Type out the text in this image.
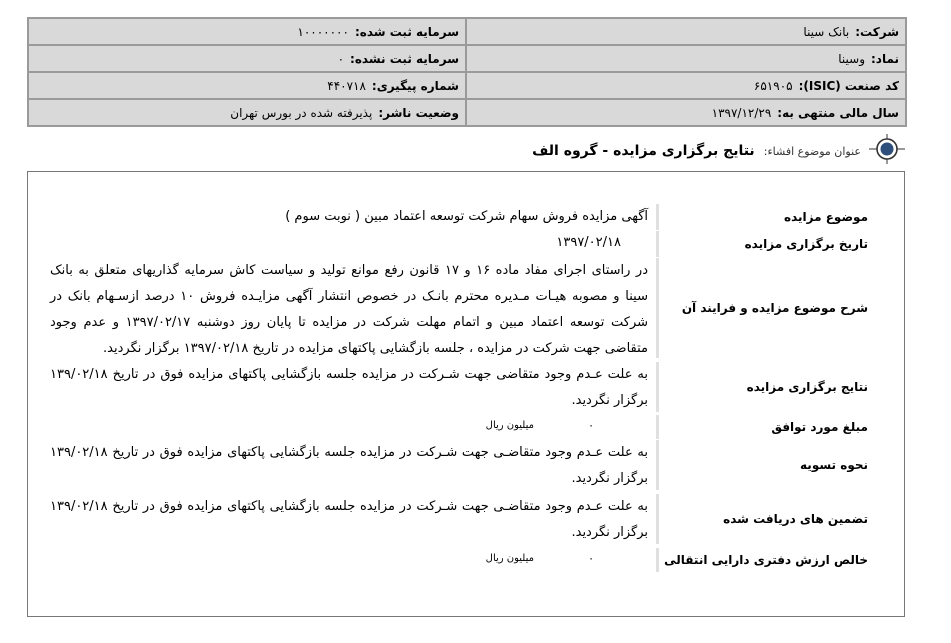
شرکت:بانک سینا	سرمایه ثبت شده:۱۰۰۰۰۰۰۰
نماد:وسینا	سرمایه ثبت نشده:۰
کد صنعت (ISIC):۶۵۱۹۰۵	شماره پیگیری:۴۴۰۷۱۸
سال مالی منتهی به:۱۳۹۷/۱۲/۲۹	وضعیت ناشر:پذیرفته شده در بورس تهران
عنوان موضوع افشاء: نتایج برگزاری مزایده - گروه الف
موضوع مزایده
آگهی مزایده فروش سهام شرکت توسعه اعتماد مبین ( نوبت سوم )
تاریخ برگزاری مزایده
۱۳۹۷/۰۲/۱۸
شرح موضوع مزایده و فرایند آن
در راستای اجرای مفاد ماده ۱۶ و ۱۷ قانون رفع موانع تولید و سیاست کاش سرمایه گذاریهای متعلق به بانک سینا و مصوبه هیـات مـدیره محترم بانـک در خصوص انتشار آگهی مزایـده فروش ۱۰ درصد ازسـهام بانک در شرکت توسعه اعتماد مبین و اتمام مهلت شرکت در مزایده تا پایان روز دوشنبه ۱۳۹۷/۰۲/۱۷ و عدم وجود متقاضی جهت شرکت در مزایده ، جلسه بازگشایی پاکتهای مزایده در تاریخ ۱۳۹۷/۰۲/۱۸ برگزار نگردید.
نتایج برگزاری مزایده
به علت عـدم وجود متقاضی جهت شـرکت در مزایده جلسه بازگشایی پاکتهای مزایده فوق در تاریخ ۱۳۹/۰۲/۱۸ برگزار نگردید.
مبلغ مورد توافق
۰
میلیون ریال
نحوه تسویه
به علت عـدم وجود متقاضـی جهت شـرکت در مزایده جلسه بازگشایی پاکتهای مزایده فوق در تاریخ ۱۳۹/۰۲/۱۸ برگزار نگردید.
تضمین های دریافت شده
به علت عـدم وجود متقاضـی جهت شـرکت در مزایده جلسه بازگشایی پاکتهای مزایده فوق در تاریخ ۱۳۹/۰۲/۱۸ برگزار نگردید.
خالص ارزش دفتری دارایی انتقالی
۰
میلیون ریال
